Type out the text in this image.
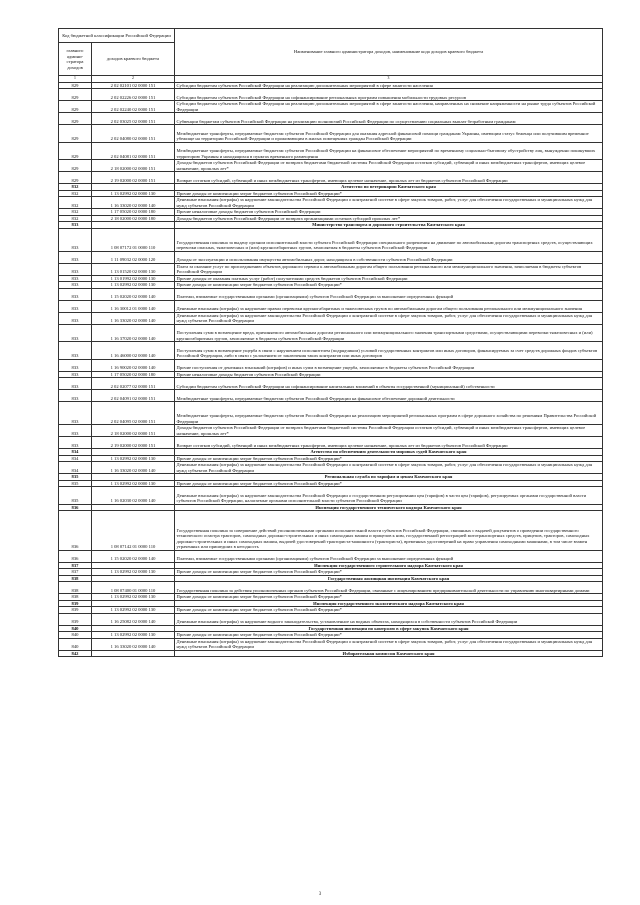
Код бюджетной классификации Российской Федерации		Наименование главного администратора доходов, наименование кода доходов краевого бюджета
главного админи-стратора доходов	доходов краевого бюджета	
1	2	3
829	2 02 02101 02 0000 151	Субсидии бюджетам субъектов Российской Федерации на реализацию дополнительных мероприятий в сфере занятости населения
829	2 02 02226 02 0000 151	Субсидии бюджетам субъектов Российской Федерации на софинансирование региональных программ повышения мобильности трудовых ресурсов
829	2 02 02240 02 0000 151	Субсидии бюджетам субъектов Российской Федерации на реализацию дополнительных мероприятий в сфере занятости населения, направленных на снижение напряженности на рынке труда субъектов Российской Федерации
829	2 02 03025 02 0000 151	Субвенции бюджетам субъектов Российской Федерации на реализацию полномочий Российской Федерации по осуществлению социальных выплат безработным гражданам
829	2 02 04080 02 0000 151	Межбюджетные трансферты, передаваемые бюджетам субъектов Российской Федерации для оказания адресной финансовой помощи гражданам Украины, имеющим статус беженца или получившим временное убежище на территории Российской Федерации и проживающим в жилых помещениях граждан Российской Федерации
829	2 02 04081 02 0000 151	Межбюджетные трансферты, передаваемые бюджетам субъектов Российской Федерации на финансовое обеспечение мероприятий по временному социально-бытовому обустройству лиц, вынужденно покинувших территорию Украины и находящихся в пунктах временного размещения
829	2 18 02000 02 0000 151	Доходы бюджетов субъектов Российской Федерации от возврата бюджетами бюджетной системы Российской Федерации остатков субсидий, субвенций и иных межбюджетных трансфертов, имеющих целевое назначение, прошлых лет*
829	2 19 02000 02 0000 151	Возврат остатков субсидий, субвенций и иных межбюджетных трансфертов, имеющих целевое назначение, прошлых лет из бюджетов субъектов Российской Федерации
832		Агентство по ветеринарии Камчатского края
832	1 13 02992 02 0000 130	Прочие доходы от компенсации затрат бюджетов субъектов Российской Федерации*
832	1 16 33020 02 0000 140	Денежные взыскания (штрафы) за нарушение законодательства Российской Федерации о контрактной системе в сфере закупок товаров, работ, услуг для обеспечения государственных и муниципальных нужд для нужд субъектов Российской Федерации
832	1 17 05020 02 0000 180	Прочие неналоговые доходы бюджетов субъектов Российской Федерации
832	2 18 02000 02 0000 180	Доходы бюджетов субъектов Российской Федерации от возврата организациями остатков субсидий прошлых лет*
833		Министерство транспорта и дорожного строительства Камчатского края
833	1 08 07172 01 0000 110	Государственная пошлина за выдачу органом исполнительной власти субъекта Российской Федерации специального разрешения на движение по автомобильным дорогам транспортных средств, осуществляющих перевозки опасных, тяжеловесных и (или) крупногабаритных грузов, зачисляемая в бюджеты субъектов Российской Федерации
833	1 11 09032 02 0000 120	Доходы от эксплуатации и использования имущества автомобильных дорог, находящихся в собственности субъектов Российской Федерации
833	1 13 01520 02 0000 130	Плата за оказание услуг по присоединению объектов дорожного сервиса к автомобильным дорогам общего пользования регионального или межмуниципального значения, зачисляемая в бюджеты субъектов Российской Федерации
833	1 13 01992 02 0000 130	Прочие доходы от оказания платных услуг (работ) получателями средств бюджетов субъектов Российской Федерации
833	1 13 02992 02 0000 130	Прочие доходы от компенсации затрат бюджетов субъектов Российской Федерации*
833	1 15 02020 02 0000 140	Платежи, взимаемые государственными органами (организациями) субъектов Российской Федерации за выполнение определенных функций
833	1 16 30012 01 0000 140	Денежные взыскания (штрафы) за нарушение правил перевозки крупногабаритных и тяжеловесных грузов по автомобильным дорогам общего пользования регионального или межмуниципального значения
833	1 16 33020 02 0000 140	Денежные взыскания (штрафы) за нарушение законодательства Российской Федерации о контрактной системе в сфере закупок товаров, работ, услуг для обеспечения государственных и муниципальных нужд для нужд субъектов Российской Федерации
833	1 16 37020 02 0000 140	Поступления сумм в возмещение вреда, причиняемого автомобильным дорогам регионального или межмуниципального значения транспортными средствами, осуществляющими перевозки тяжеловесных и (или) крупногабаритных грузов, зачисляемые в бюджеты субъектов Российской Федерации
833	1 16 46000 02 0000 140	Поступления сумм в возмещение ущерба в связи с нарушением исполнителем (подрядчиком) условий государственных контрактов или иных договоров, финансируемых за счет средств дорожных фондов субъектов Российской Федерации, либо в связи с уклонением от заключения таких контрактов или иных договоров
833	1 16 90020 02 0000 140	Прочие поступления от денежных взысканий (штрафов) и иных сумм в возмещение ущерба, зачисляемые в бюджеты субъектов Российской Федерации
833	1 17 05020 02 0000 180	Прочие неналоговые доходы бюджетов субъектов Российской Федерации
833	2 02 02077 02 0000 151	Субсидии бюджетам субъектов Российской Федерации на софинансирование капитальных вложений в объекты государственной (муниципальной) собственности
833	2 02 04091 02 0000 151	Межбюджетные трансферты, передаваемые бюджетам субъектов Российской Федерации на финансовое обеспечение дорожной деятельности
833	2 02 04095 02 0000 151	Межбюджетные трансферты, передаваемые бюджетам субъектов Российской Федерации на реализацию мероприятий региональных программ в сфере дорожного хозяйства по решениям Правительства Российской Федерации
833	2 18 02000 02 0000 151	Доходы бюджетов субъектов Российской Федерации от возврата бюджетами бюджетной системы Российской Федерации остатков субсидий, субвенций и иных межбюджетных трансфертов, имеющих целевое назначение, прошлых лет*
833	2 19 02000 02 0000 151	Возврат остатков субсидий, субвенций и иных межбюджетных трансфертов, имеющих целевое назначение, прошлых лет из бюджетов субъектов Российской Федерации
834		Агентство по обеспечению деятельности мировых судей Камчатского края
834	1 13 02992 02 0000 130	Прочие доходы от компенсации затрат бюджетов субъектов Российской Федерации*
834	1 16 33020 02 0000 140	Денежные взыскания (штрафы) за нарушение законодательства Российской Федерации о контрактной системе в сфере закупок товаров, работ, услуг для обеспечения государственных и муниципальных нужд для нужд субъектов Российской Федерации
835		Региональная служба по тарифам и ценам Камчатского края
835	1 13 02992 02 0000 130	Прочие доходы от компенсации затрат бюджетов субъектов Российской Федерации*
835	1 16 02030 02 0000 140	Денежные взыскания (штрафы) за нарушение законодательства Российской Федерации о государственном регулировании цен (тарифов) в части цен (тарифов), регулируемых органами государственной власти субъектов Российской Федерации, налагаемые органами исполнительной власти субъектов Российской Федерации
836		Инспекция государственного технического надзора Камчатского края
836	1 08 07142 01 0000 110	Государственная пошлина за совершение действий уполномоченными органами исполнительной власти субъектов Российской Федерации, связанных с выдачей документов о проведении государственного технического осмотра тракторов, самоходных дорожно-строительных и иных самоходных машин и прицепов к ним, государственной регистрацией мототранспортных средств, прицепов, тракторов, самоходных дорожно-строительных и иных самоходных машин, выдачей удостоверений тракториста-машиниста (тракториста), временных удостоверений на право управления самоходными машинами, в том числе взамен утраченных или пришедших в негодность
836	1 15 02020 02 0000 140	Платежи, взимаемые государственными органами (организациями) субъектов Российской Федерации за выполнение определенных функций
837		Инспекция государственного строительного надзора Камчатского края
837	1 13 02992 02 0000 130	Прочие доходы от компенсации затрат бюджетов субъектов Российской Федерации*
838		Государственная жилищная инспекция Камчатского края
838	1 08 07400 01 0000 110	Государственная пошлина за действия уполномоченных органов субъектов Российской Федерации, связанные с лицензированием предпринимательской деятельности по управлению многоквартирными домами
838	1 13 02992 02 0000 130	Прочие доходы от компенсации затрат бюджетов субъектов Российской Федерации*
839		Инспекция государственного экологического надзора Камчатского края
839	1 13 02992 02 0000 130	Прочие доходы от компенсации затрат бюджетов субъектов Российской Федерации*
839	1 16 25082 02 0000 140	Денежные взыскания (штрафы) за нарушение водного законодательства, установленное на водных объектах, находящихся в собственности субъектов Российской Федерации
840		Государственная инспекция по контролю в сфере закупок Камчатского края
840	1 13 02992 02 0000 130	Прочие доходы от компенсации затрат бюджетов субъектов Российской Федерации*
840	1 16 33020 02 0000 140	Денежные взыскания (штрафы) за нарушение законодательства Российской Федерации о контрактной системе в сфере закупок товаров, работ, услуг для обеспечения государственных и муниципальных нужд для нужд субъектов Российской Федерации
842		Избирательная комиссия Камчатского края
3
